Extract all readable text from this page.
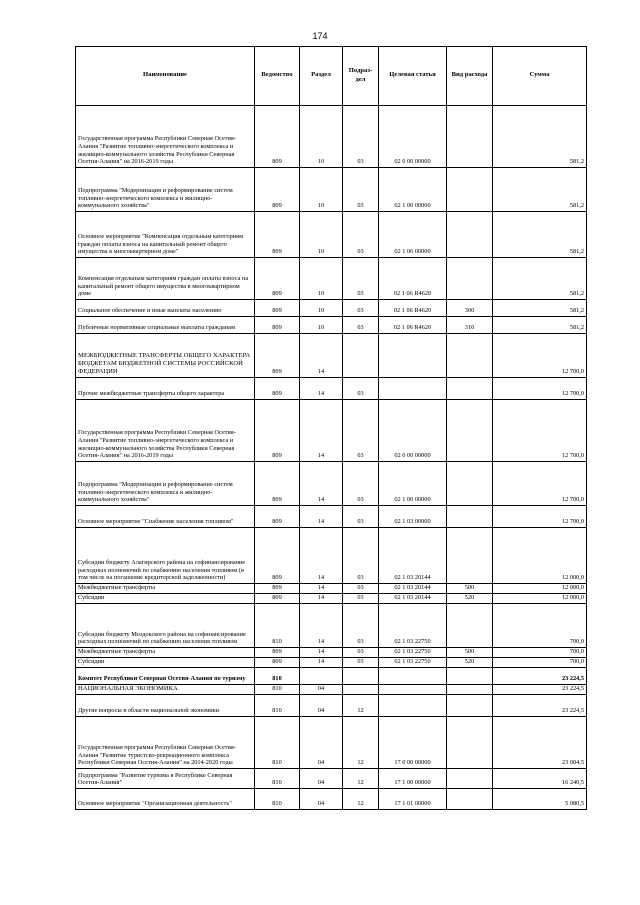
174
Наименование	Ведомство	Раздел	Подраз-дел	Целевая статья	Вид расхода	Сумма
Государственная программа Республики Северная Осетия-Алания "Развитие топливно-энергетического комплекса и жилищно-коммунального хозяйства Республики Северная Осетия-Алания" на 2016-2019 годы	809	10	03	02 0 00 00000		581,2
Подпрограмма "Модернизация и реформирование систем топливно-энергетического комплекса и жилищно-коммунального хозяйства"	809	10	03	02 1 00 00000		581,2
Основное мероприятие "Компенсация отдельным категориям граждан оплаты взноса на капитальный ремонт общего имущества в многоквартирном доме"	809	10	03	02 1 06 00000		581,2
Компенсация отдельным категориям граждан оплаты взноса на капитальный ремонт общего имущества в многоквартирном доме	809	10	03	02 1 06 R4620		581,2
Социальное обеспечение и иные выплаты населению	809	10	03	02 1 06 R4620	300	581,2
Публичные нормативные социальные выплаты гражданам	809	10	03	02 1 06 R4620	310	581,2
МЕЖБЮДЖЕТНЫЕ ТРАНСФЕРТЫ ОБЩЕГО ХАРАКТЕРА БЮДЖЕТАМ БЮДЖЕТНОЙ СИСТЕМЫ РОССИЙСКОЙ ФЕДЕРАЦИИ	809	14				12 700,0
Прочие межбюджетные трансферты общего характера	809	14	03			12 700,0
Государственная программа Республики Северная Осетия-Алания "Развитие топливно-энергетического комплекса и жилищно-коммунального хозяйства Республики Северная Осетия-Алания" на 2016-2019 годы	809	14	03	02 0 00 00000		12 700,0
Подпрограмма "Модернизация и реформирование систем топливно-энергетического комплекса и жилищно-коммунального хозяйства"	809	14	03	02 1 00 00000		12 700,0
Основное мероприятие "Снабжение населения топливом"	809	14	03	02 1 03 00000		12 700,0
Субсидии бюджету Алагирского района на софинансирование расходных полномочий по снабжению населения топливом (в том числе на погашение кредиторской задолженности)	809	14	03	02 1 03 20144		12 000,0
Межбюджетные трансферты	809	14	03	02 1 03 20144	500	12 000,0
Субсидии	809	14	03	02 1 03 20144	520	12 000,0
Субсидии бюджету Моздокского района на софинансирование расходных полномочий по снабжению населения топливом	810	14	03	02 1 03 22750		700,0
Межбюджетные трансферты	809	14	03	02 1 03 22750	500	700,0
Субсидии	809	14	03	02 1 03 22750	520	700,0
Комитет Республики Северная Осетия-Алания по туризму	810					23 224,5
НАЦИОНАЛЬНАЯ ЭКОНОМИКА	810	04				23 224,5
Другие вопросы в области национальной экономики	810	04	12			23 224,5
Государственная программа Республики Северная Осетия-Алания "Развитие туристско-рекреационного комплекса Республики Северная Осетия-Алания" на 2014-2020 годы	810	04	12	17 0 00 00000		23 004,5
Подпрограмма "Развитие туризма в Республике Северная Осетия-Алания"	810	04	12	17 1 00 00000		16 240,5
Основное мероприятие "Организационная деятельность"	810	04	12	17 1 01 00000		5 080,5
